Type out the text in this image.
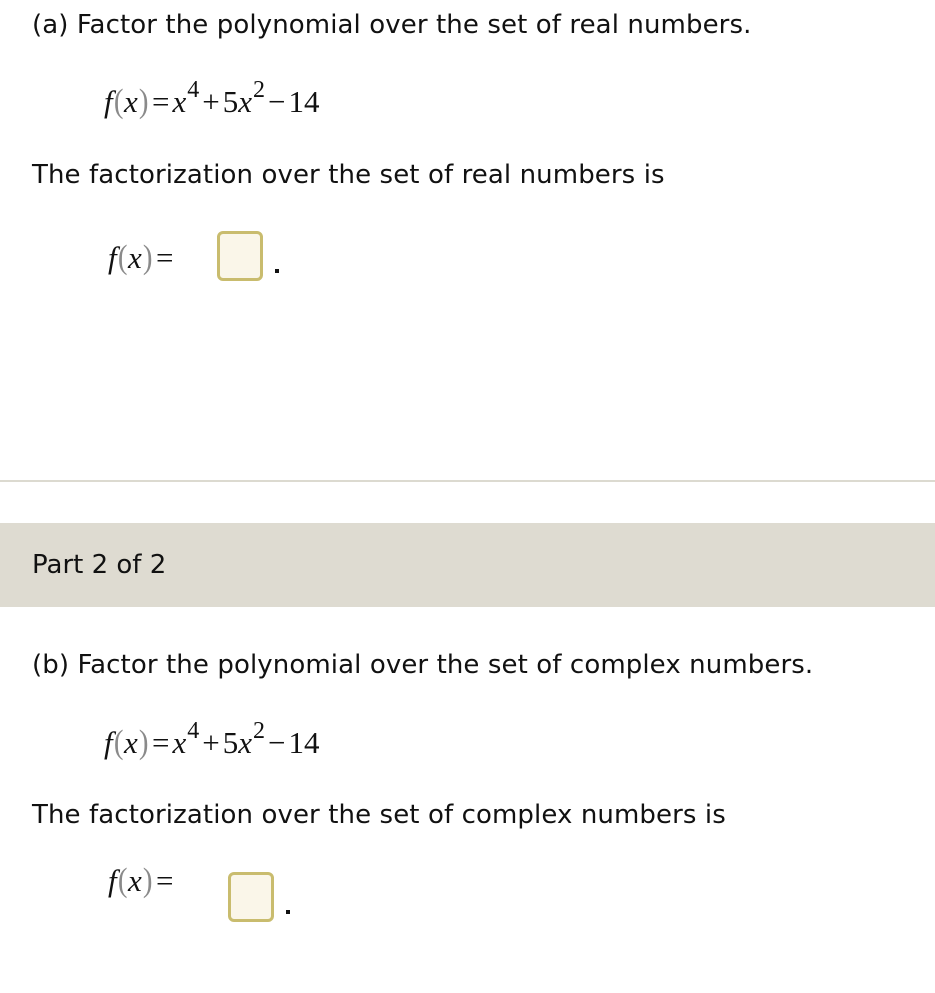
(a) Factor the polynomial over the set of real numbers.
$f(x) =x^4+5x^2-14$
The factorization over the set of real numbers is
f(x) =
Part 2 of 2
(b) Factor the polynomial over the set of complex numbers.
$f(x) =x^4+5x^2-14$
The factorization over the set of complex numbers is
f(x) =
